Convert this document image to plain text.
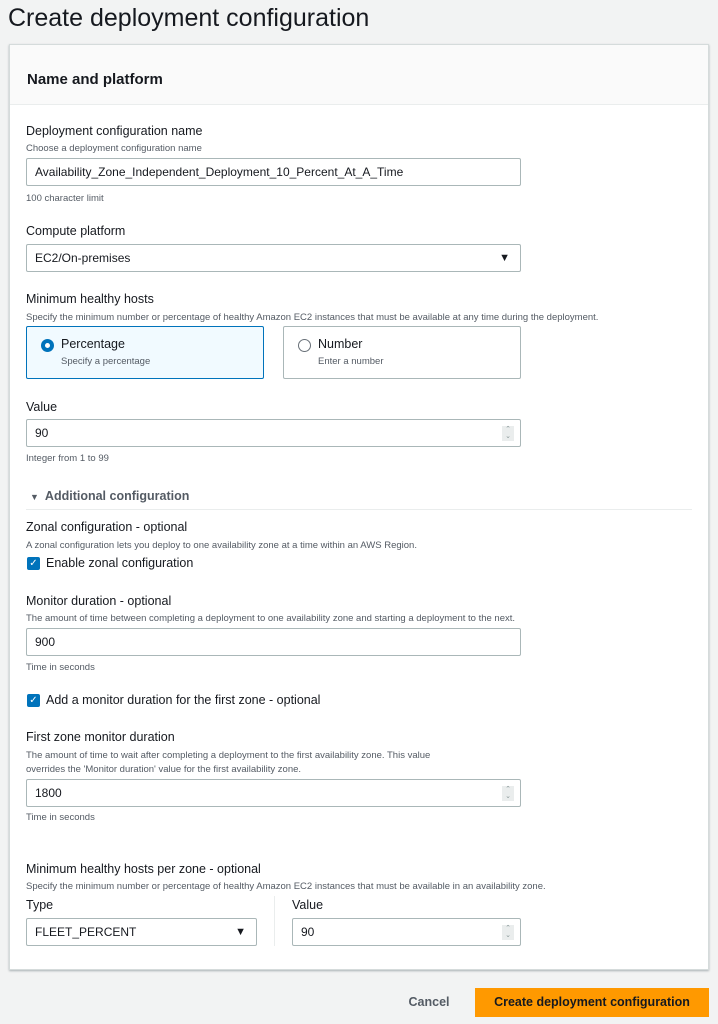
Create deployment configuration
Name and platform
Deployment configuration name
Choose a deployment configuration name
Availability_Zone_Independent_Deployment_10_Percent_At_A_Time
100 character limit
Compute platform
EC2/On-premises	▼
Minimum healthy hosts
Specify the minimum number or percentage of healthy Amazon EC2 instances that must be available at any time during the deployment.
Percentage
Specify a percentage
Number
Enter a number
Value
90	⌃
⌄
Integer from 1 to 99
▼ Additional configuration
Zonal configuration - optional
A zonal configuration lets you deploy to one availability zone at a time within an AWS Region.
✓ Enable zonal configuration
Monitor duration - optional
The amount of time between completing a deployment to one availability zone and starting a deployment to the next.
900
Time in seconds
✓ Add a monitor duration for the first zone - optional
First zone monitor duration
The amount of time to wait after completing a deployment to the first availability zone. This value
overrides the 'Monitor duration' value for the first availability zone.
1800	⌃
⌄
Time in seconds
Minimum healthy hosts per zone - optional
Specify the minimum number or percentage of healthy Amazon EC2 instances that must be available in an availability zone.
Type
FLEET_PERCENT	▼
Value
90	⌃
⌄
Cancel	Create deployment configuration
